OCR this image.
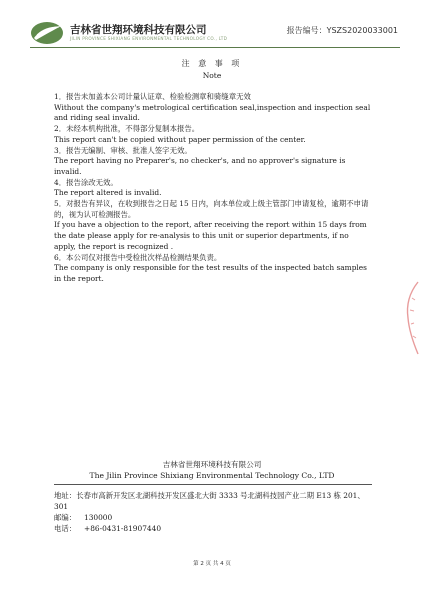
吉林省世翔环境科技有限公司
JILIN PROVINCE SHIXIANG ENVIRONMENTAL TECHNOLOGY CO., LTD
报告编号：YSZS2020033001
注 意 事 项
Note

1．报告未加盖本公司计量认证章、检验检测章和骑缝章无效
Without the company's metrological certification seal,inspection and inspection seal and riding seal invalid.

2．未经本机构批准，不得部分复制本报告。
This report can't be copied without paper permission of the center.

3．报告无编制、审核、批准人签字无效。
The report having no Preparer's, no checker's, and no approver's signature is invalid.

4．报告涂改无效。
The report altered is invalid.

5．对报告有异议，在收到报告之日起 15 日内，向本单位或上级主管部门申请复检，逾期不申请的，视为认可检测报告。
If you have a objection to the report, after receiving the report within 15 days from the date please apply for re-analysis to this unit or superior departments, if no apply, the report is recognized .

6．本公司仅对报告中受检批次样品检测结果负责。
The company is only responsible for the test results of the inspected batch samples in the report.

吉林省世翔环境科技有限公司
The Jilin Province Shixiang Environmental Technology Co., LTD
地址：长春市高新开发区北湖科技开发区盛北大街 3333 号北湖科技园产业二期 E13 栋 201、301
邮编： 130000
电话： +86-0431-81907440
第 2 页 共 4 页
